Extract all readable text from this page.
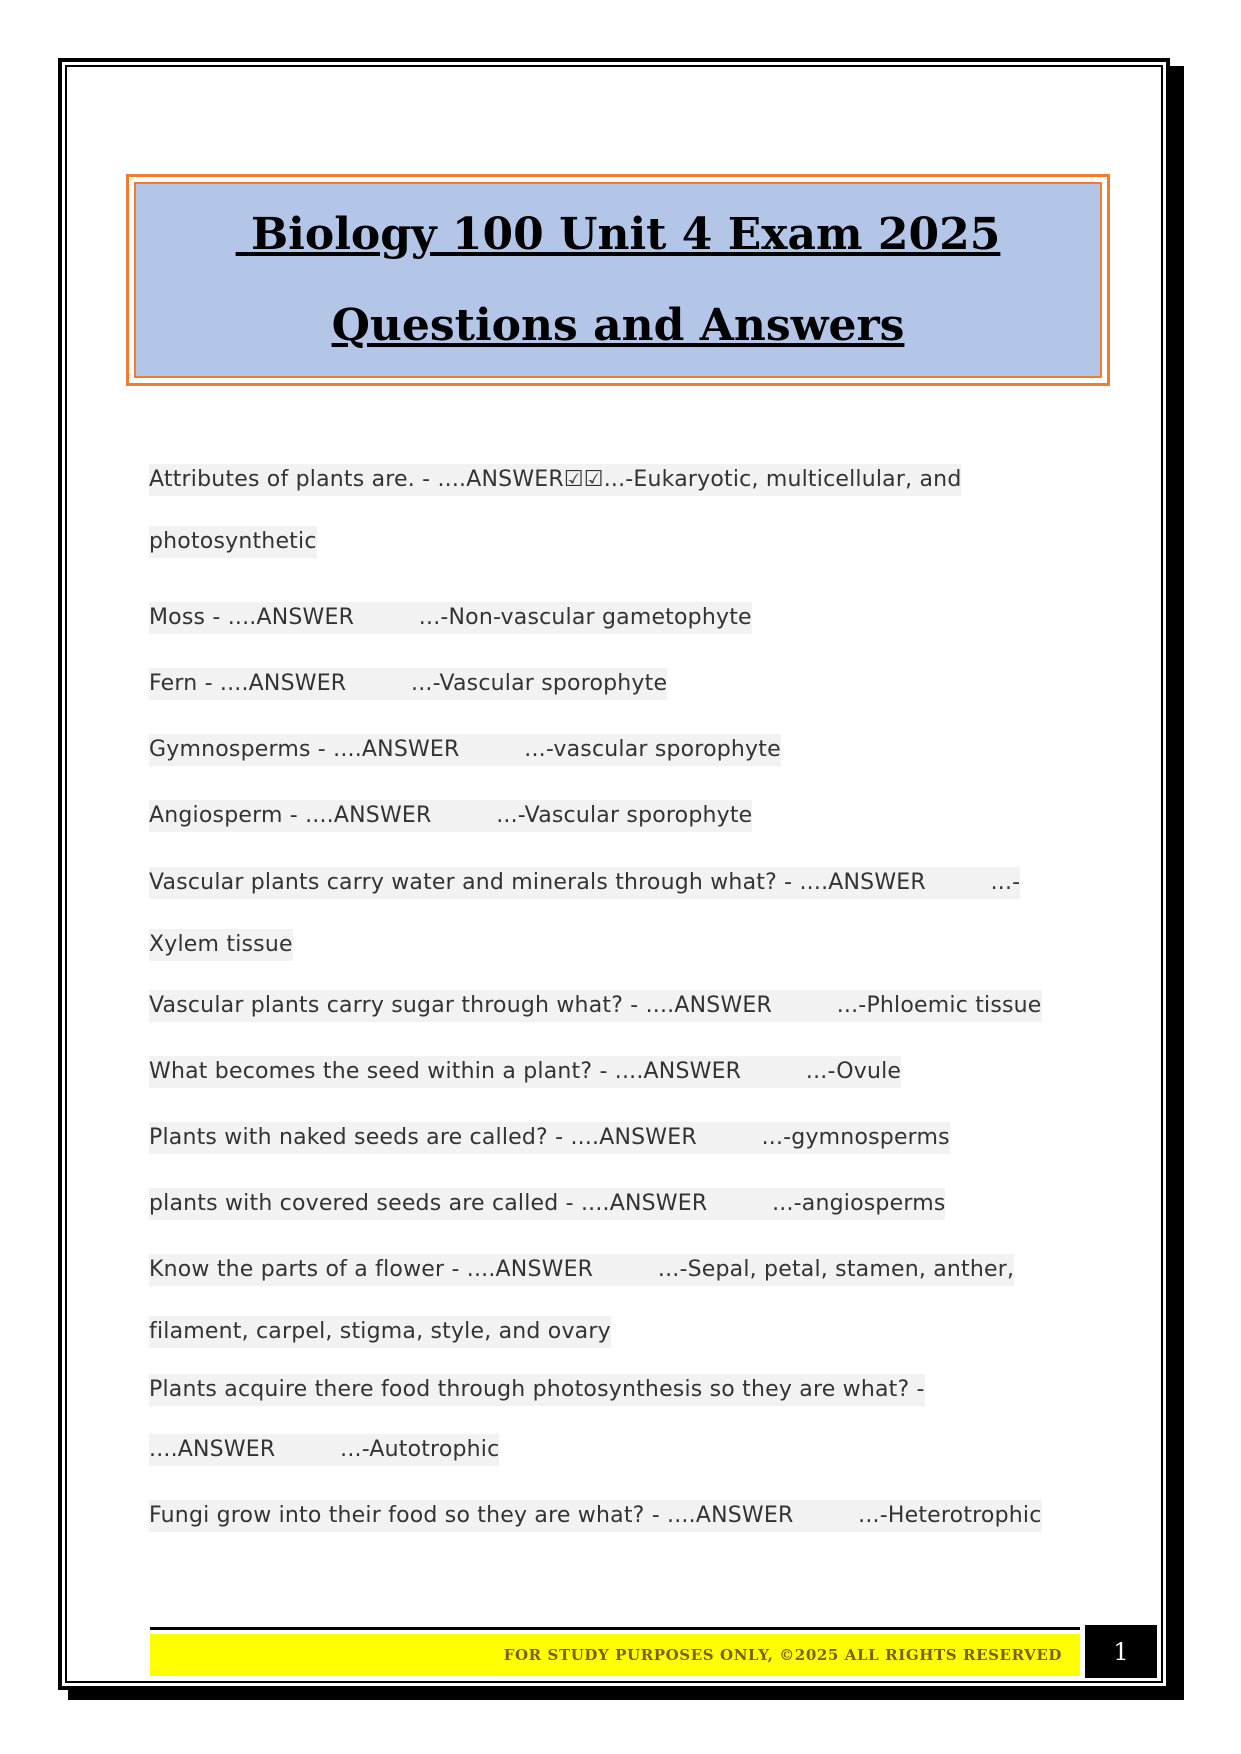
Biology 100 Unit 4 Exam 2025
Questions and Answers
Attributes of plants are. - ....ANSWER☑☑...-Eukaryotic, multicellular, and
photosynthetic
Moss - ....ANSWER         ...-Non-vascular gametophyte
Fern - ....ANSWER         ...-Vascular sporophyte
Gymnosperms - ....ANSWER         ...-vascular sporophyte
Angiosperm - ....ANSWER         ...-Vascular sporophyte
Vascular plants carry water and minerals through what? - ....ANSWER         ...-
Xylem tissue
Vascular plants carry sugar through what? - ....ANSWER         ...-Phloemic tissue
What becomes the seed within a plant? - ....ANSWER         ...-Ovule
Plants with naked seeds are called? - ....ANSWER         ...-gymnosperms
plants with covered seeds are called - ....ANSWER         ...-angiosperms
Know the parts of a flower - ....ANSWER         ...-Sepal, petal, stamen, anther,
filament, carpel, stigma, style, and ovary
Plants acquire there food through photosynthesis so they are what? -
....ANSWER         ...-Autotrophic
Fungi grow into their food so they are what? - ....ANSWER         ...-Heterotrophic
FOR STUDY PURPOSES ONLY, ©2025 ALL RIGHTS RESERVED 1
